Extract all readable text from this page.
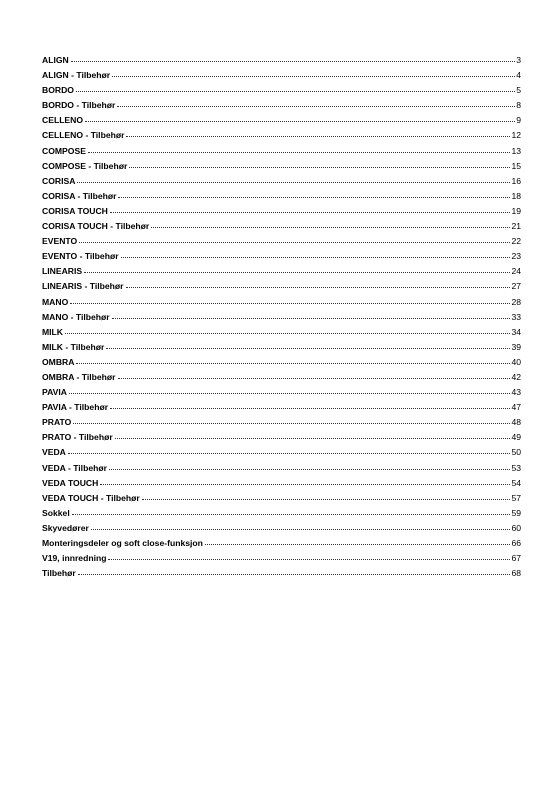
ALIGN	3
ALIGN - Tilbehør	4
BORDO	5
BORDO - Tilbehør	8
CELLENO	9
CELLENO - Tilbehør	12
COMPOSE	13
COMPOSE - Tilbehør	15
CORISA	16
CORISA - Tilbehør	18
CORISA TOUCH	19
CORISA TOUCH - Tilbehør	21
EVENTO	22
EVENTO - Tilbehør	23
LINEARIS	24
LINEARIS - Tilbehør	27
MANO	28
MANO - Tilbehør	33
MILK	34
MILK - Tilbehør	39
OMBRA	40
OMBRA - Tilbehør	42
PAVIA	43
PAVIA - Tilbehør	47
PRATO	48
PRATO - Tilbehør	49
VEDA	50
VEDA - Tilbehør	53
VEDA TOUCH	54
VEDA TOUCH - Tilbehør	57
Sokkel	59
Skyvedører	60
Monteringsdeler og soft close-funksjon	66
V19, innredning	67
Tilbehør	68
